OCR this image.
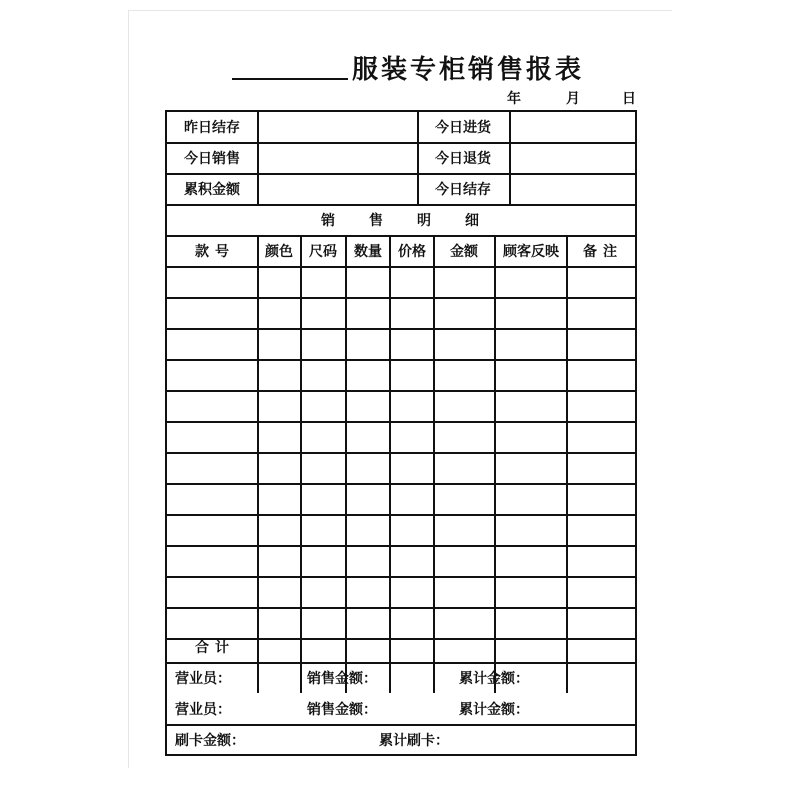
服装专柜销售报表
年	月	日
昨日结存	今日进货
今日销售	今日退货
累积金额	今日结存
销售明细
款号 颜色 尺码 数量 价格 金额 顾客反映 备注
合计
营业员：	销售金额：	累计金额：
营业员：	销售金额：	累计金额：
刷卡金额：	累计刷卡：
